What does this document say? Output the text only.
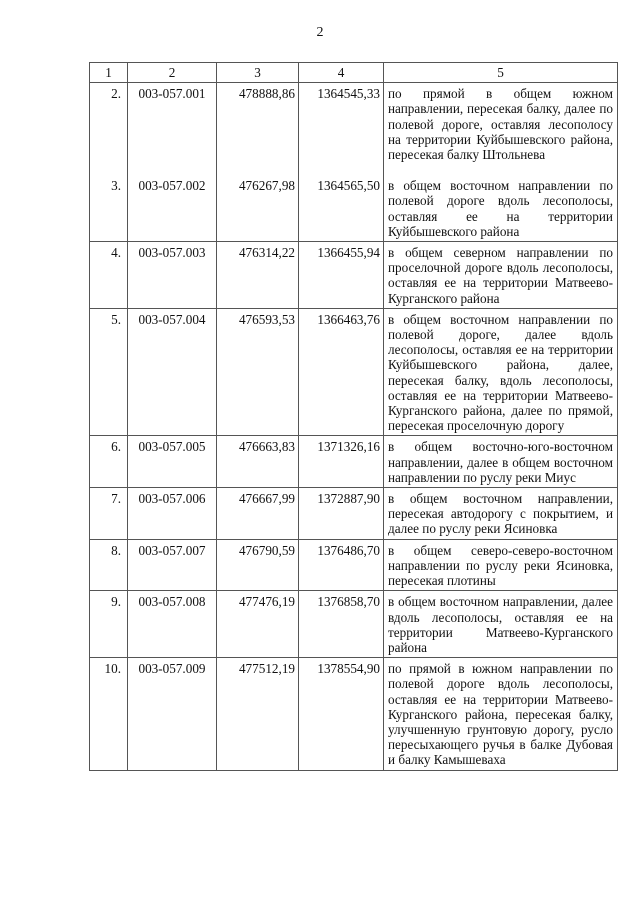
2
1	2	3	4	5
2.	003-057.001	478888,86	1364545,33	по прямой в общем южном направлении, пересекая балку, далее по полевой дороге, оставляя лесополосу на территории Куйбышевского района, пересекая балку Штольнева
3.	003-057.002	476267,98	1364565,50	в общем восточном направлении по полевой дороге вдоль лесополосы, оставляя ее на территории Куйбышевского района
4.	003-057.003	476314,22	1366455,94	в общем северном направлении по проселочной дороге вдоль лесополосы, оставляя ее на территории Матвеево-Курганского района
5.	003-057.004	476593,53	1366463,76	в общем восточном направлении по полевой дороге, далее вдоль лесополосы, оставляя ее на территории Куйбышевского района, далее, пересекая балку, вдоль лесополосы, оставляя ее на территории Матвеево-Курганского района, далее по прямой, пересекая проселочную дорогу
6.	003-057.005	476663,83	1371326,16	в общем восточно-юго-восточном направлении, далее в общем восточном направлении по руслу реки Миус
7.	003-057.006	476667,99	1372887,90	в общем восточном направлении, пересекая автодорогу с покрытием, и далее по руслу реки Ясиновка
8.	003-057.007	476790,59	1376486,70	в общем северо-северо-восточном направлении по руслу реки Ясиновка, пересекая плотины
9.	003-057.008	477476,19	1376858,70	в общем восточном направлении, далее вдоль лесополосы, оставляя ее на территории Матвеево-Курганского района
10.	003-057.009	477512,19	1378554,90	по прямой в южном направлении по полевой дороге вдоль лесополосы, оставляя ее на территории Матвеево-Курганского района, пересекая балку, улучшенную грунтовую дорогу, русло пересыхающего ручья в балке Дубовая и балку Камышеваха
